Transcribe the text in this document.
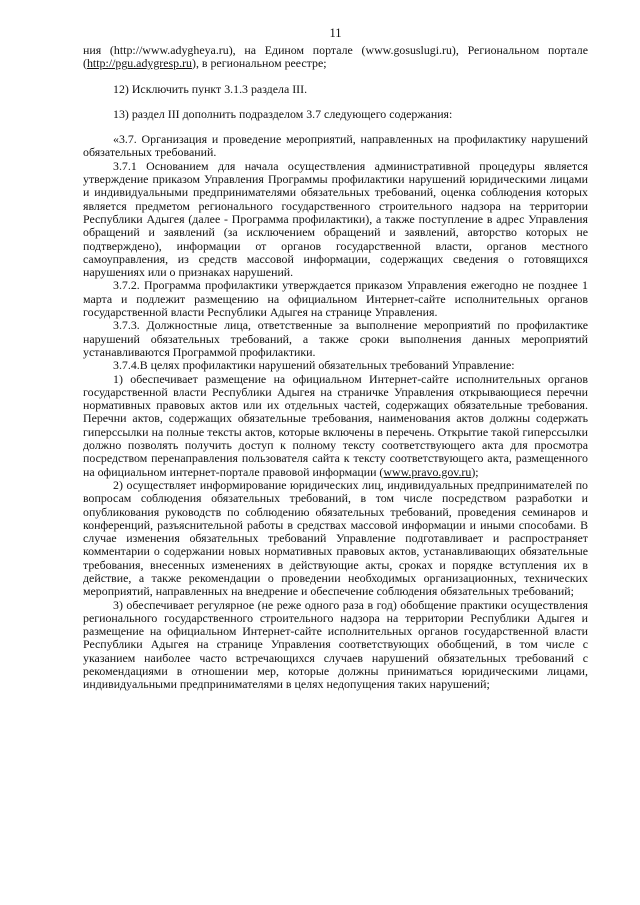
11

ния (http://www.adygheya.ru), на Едином портале (www.gosuslugi.ru), Региональном портале (http://pgu.adygresp.ru), в региональном реестре;

12) Исключить пункт 3.1.3 раздела III.

13) раздел III дополнить подразделом 3.7 следующего содержания:

«3.7. Организация и проведение мероприятий, направленных на профилактику нарушений обязательных требований.

3.7.1 Основанием для начала осуществления административной процедуры является утверждение приказом Управления Программы профилактики нарушений юридическими лицами и индивидуальными предпринимателями обязательных требований, оценка соблюдения которых является предметом регионального государственного строительного надзора на территории Республики Адыгея (далее - Программа профилактики), а также поступление в адрес Управления обращений и заявлений (за исключением обращений и заявлений, авторство которых не подтверждено), информации от органов государственной власти, органов местного самоуправления, из средств массовой информации, содержащих сведения о готовящихся нарушениях или о признаках нарушений.

3.7.2. Программа профилактики утверждается приказом Управления ежегодно не позднее 1 марта и подлежит размещению на официальном Интернет-сайте исполнительных органов государственной власти Республики Адыгея на странице Управления.

3.7.3. Должностные лица, ответственные за выполнение мероприятий по профилактике нарушений обязательных требований, а также сроки выполнения данных мероприятий устанавливаются Программой профилактики.

3.7.4.В целях профилактики нарушений обязательных требований Управление:

1) обеспечивает размещение на официальном Интернет-сайте исполнительных органов государственной власти Республики Адыгея на страничке Управления открывающиеся перечни нормативных правовых актов или их отдельных частей, содержащих обязательные требования. Перечни актов, содержащих обязательные требования, наименования актов должны содержать гиперссылки на полные тексты актов, которые включены в перечень. Открытие такой гиперссылки должно позволять получить доступ к полному тексту соответствующего акта для просмотра посредством перенаправления пользователя сайта к тексту соответствующего акта, размещенного на официальном интернет-портале правовой информации (www.pravo.gov.ru);

2) осуществляет информирование юридических лиц, индивидуальных предпринимателей по вопросам соблюдения обязательных требований, в том числе посредством разработки и опубликования руководств по соблюдению обязательных требований, проведения семинаров и конференций, разъяснительной работы в средствах массовой информации и иными способами. В случае изменения обязательных требований Управление подготавливает и распространяет комментарии о содержании новых нормативных правовых актов, устанавливающих обязательные требования, внесенных изменениях в действующие акты, сроках и порядке вступления их в действие, а также рекомендации о проведении необходимых организационных, технических мероприятий, направленных на внедрение и обеспечение соблюдения обязательных требований;

3) обеспечивает регулярное (не реже одного раза в год) обобщение практики осуществления регионального государственного строительного надзора на территории Республики Адыгея и размещение на официальном Интернет-сайте исполнительных органов государственной власти Республики Адыгея на странице Управления соответствующих обобщений, в том числе с указанием наиболее часто встречающихся случаев нарушений обязательных требований с рекомендациями в отношении мер, которые должны приниматься юридическими лицами, индивидуальными предпринимателями в целях недопущения таких нарушений;
